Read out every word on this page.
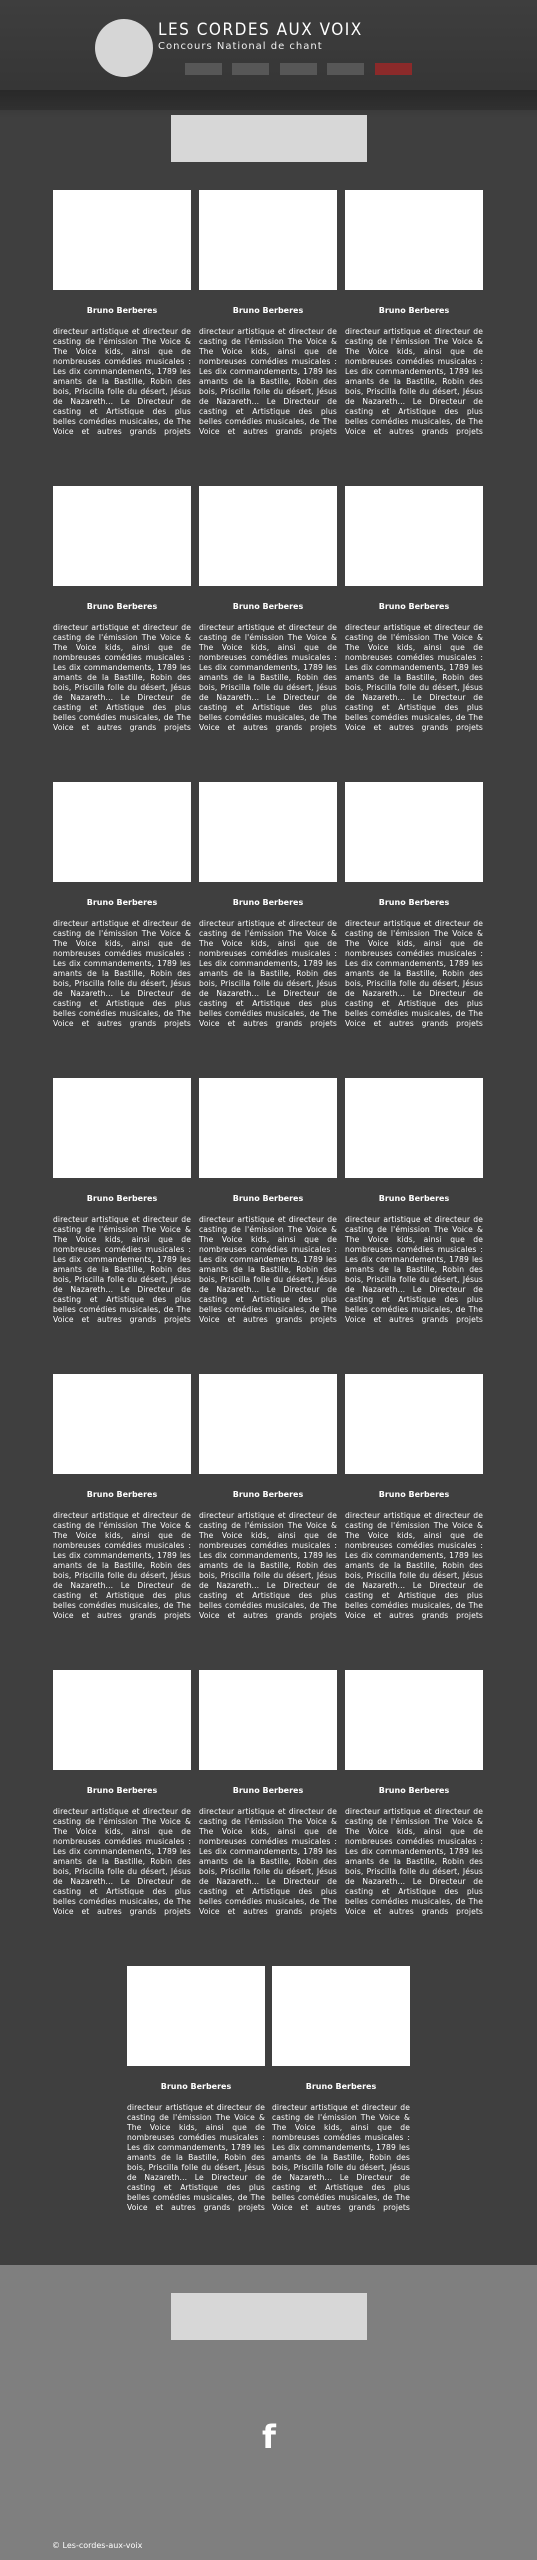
LES CORDES AUX VOIX
Concours National de chant
Bruno Berberes
directeur artistique et directeur de casting de l'émission The Voice & The Voice kids, ainsi que de nombreuses comédies musicales : Les dix commandements, 1789 les amants de la Bastille, Robin des bois, Priscilla folle du désert, Jésus de Nazareth... Le Directeur de casting et Artistique des plus belles comédies musicales, de The Voice et autres grands projets
Bruno Berberes
directeur artistique et directeur de casting de l'émission The Voice & The Voice kids, ainsi que de nombreuses comédies musicales : Les dix commandements, 1789 les amants de la Bastille, Robin des bois, Priscilla folle du désert, Jésus de Nazareth... Le Directeur de casting et Artistique des plus belles comédies musicales, de The Voice et autres grands projets
Bruno Berberes
directeur artistique et directeur de casting de l'émission The Voice & The Voice kids, ainsi que de nombreuses comédies musicales : Les dix commandements, 1789 les amants de la Bastille, Robin des bois, Priscilla folle du désert, Jésus de Nazareth... Le Directeur de casting et Artistique des plus belles comédies musicales, de The Voice et autres grands projets
Bruno Berberes
directeur artistique et directeur de casting de l'émission The Voice & The Voice kids, ainsi que de nombreuses comédies musicales : Les dix commandements, 1789 les amants de la Bastille, Robin des bois, Priscilla folle du désert, Jésus de Nazareth... Le Directeur de casting et Artistique des plus belles comédies musicales, de The Voice et autres grands projets
Bruno Berberes
directeur artistique et directeur de casting de l'émission The Voice & The Voice kids, ainsi que de nombreuses comédies musicales : Les dix commandements, 1789 les amants de la Bastille, Robin des bois, Priscilla folle du désert, Jésus de Nazareth... Le Directeur de casting et Artistique des plus belles comédies musicales, de The Voice et autres grands projets
Bruno Berberes
directeur artistique et directeur de casting de l'émission The Voice & The Voice kids, ainsi que de nombreuses comédies musicales : Les dix commandements, 1789 les amants de la Bastille, Robin des bois, Priscilla folle du désert, Jésus de Nazareth... Le Directeur de casting et Artistique des plus belles comédies musicales, de The Voice et autres grands projets
Bruno Berberes
directeur artistique et directeur de casting de l'émission The Voice & The Voice kids, ainsi que de nombreuses comédies musicales : Les dix commandements, 1789 les amants de la Bastille, Robin des bois, Priscilla folle du désert, Jésus de Nazareth... Le Directeur de casting et Artistique des plus belles comédies musicales, de The Voice et autres grands projets
Bruno Berberes
directeur artistique et directeur de casting de l'émission The Voice & The Voice kids, ainsi que de nombreuses comédies musicales : Les dix commandements, 1789 les amants de la Bastille, Robin des bois, Priscilla folle du désert, Jésus de Nazareth... Le Directeur de casting et Artistique des plus belles comédies musicales, de The Voice et autres grands projets
Bruno Berberes
directeur artistique et directeur de casting de l'émission The Voice & The Voice kids, ainsi que de nombreuses comédies musicales : Les dix commandements, 1789 les amants de la Bastille, Robin des bois, Priscilla folle du désert, Jésus de Nazareth... Le Directeur de casting et Artistique des plus belles comédies musicales, de The Voice et autres grands projets
Bruno Berberes
directeur artistique et directeur de casting de l'émission The Voice & The Voice kids, ainsi que de nombreuses comédies musicales : Les dix commandements, 1789 les amants de la Bastille, Robin des bois, Priscilla folle du désert, Jésus de Nazareth... Le Directeur de casting et Artistique des plus belles comédies musicales, de The Voice et autres grands projets
Bruno Berberes
directeur artistique et directeur de casting de l'émission The Voice & The Voice kids, ainsi que de nombreuses comédies musicales : Les dix commandements, 1789 les amants de la Bastille, Robin des bois, Priscilla folle du désert, Jésus de Nazareth... Le Directeur de casting et Artistique des plus belles comédies musicales, de The Voice et autres grands projets
Bruno Berberes
directeur artistique et directeur de casting de l'émission The Voice & The Voice kids, ainsi que de nombreuses comédies musicales : Les dix commandements, 1789 les amants de la Bastille, Robin des bois, Priscilla folle du désert, Jésus de Nazareth... Le Directeur de casting et Artistique des plus belles comédies musicales, de The Voice et autres grands projets
Bruno Berberes
directeur artistique et directeur de casting de l'émission The Voice & The Voice kids, ainsi que de nombreuses comédies musicales : Les dix commandements, 1789 les amants de la Bastille, Robin des bois, Priscilla folle du désert, Jésus de Nazareth... Le Directeur de casting et Artistique des plus belles comédies musicales, de The Voice et autres grands projets
Bruno Berberes
directeur artistique et directeur de casting de l'émission The Voice & The Voice kids, ainsi que de nombreuses comédies musicales : Les dix commandements, 1789 les amants de la Bastille, Robin des bois, Priscilla folle du désert, Jésus de Nazareth... Le Directeur de casting et Artistique des plus belles comédies musicales, de The Voice et autres grands projets
Bruno Berberes
directeur artistique et directeur de casting de l'émission The Voice & The Voice kids, ainsi que de nombreuses comédies musicales : Les dix commandements, 1789 les amants de la Bastille, Robin des bois, Priscilla folle du désert, Jésus de Nazareth... Le Directeur de casting et Artistique des plus belles comédies musicales, de The Voice et autres grands projets
Bruno Berberes
directeur artistique et directeur de casting de l'émission The Voice & The Voice kids, ainsi que de nombreuses comédies musicales : Les dix commandements, 1789 les amants de la Bastille, Robin des bois, Priscilla folle du désert, Jésus de Nazareth... Le Directeur de casting et Artistique des plus belles comédies musicales, de The Voice et autres grands projets
Bruno Berberes
directeur artistique et directeur de casting de l'émission The Voice & The Voice kids, ainsi que de nombreuses comédies musicales : Les dix commandements, 1789 les amants de la Bastille, Robin des bois, Priscilla folle du désert, Jésus de Nazareth... Le Directeur de casting et Artistique des plus belles comédies musicales, de The Voice et autres grands projets
Bruno Berberes
directeur artistique et directeur de casting de l'émission The Voice & The Voice kids, ainsi que de nombreuses comédies musicales : Les dix commandements, 1789 les amants de la Bastille, Robin des bois, Priscilla folle du désert, Jésus de Nazareth... Le Directeur de casting et Artistique des plus belles comédies musicales, de The Voice et autres grands projets
Bruno Berberes
directeur artistique et directeur de casting de l'émission The Voice & The Voice kids, ainsi que de nombreuses comédies musicales : Les dix commandements, 1789 les amants de la Bastille, Robin des bois, Priscilla folle du désert, Jésus de Nazareth... Le Directeur de casting et Artistique des plus belles comédies musicales, de The Voice et autres grands projets
Bruno Berberes
directeur artistique et directeur de casting de l'émission The Voice & The Voice kids, ainsi que de nombreuses comédies musicales : Les dix commandements, 1789 les amants de la Bastille, Robin des bois, Priscilla folle du désert, Jésus de Nazareth... Le Directeur de casting et Artistique des plus belles comédies musicales, de The Voice et autres grands projets
f
© Les-cordes-aux-voix
